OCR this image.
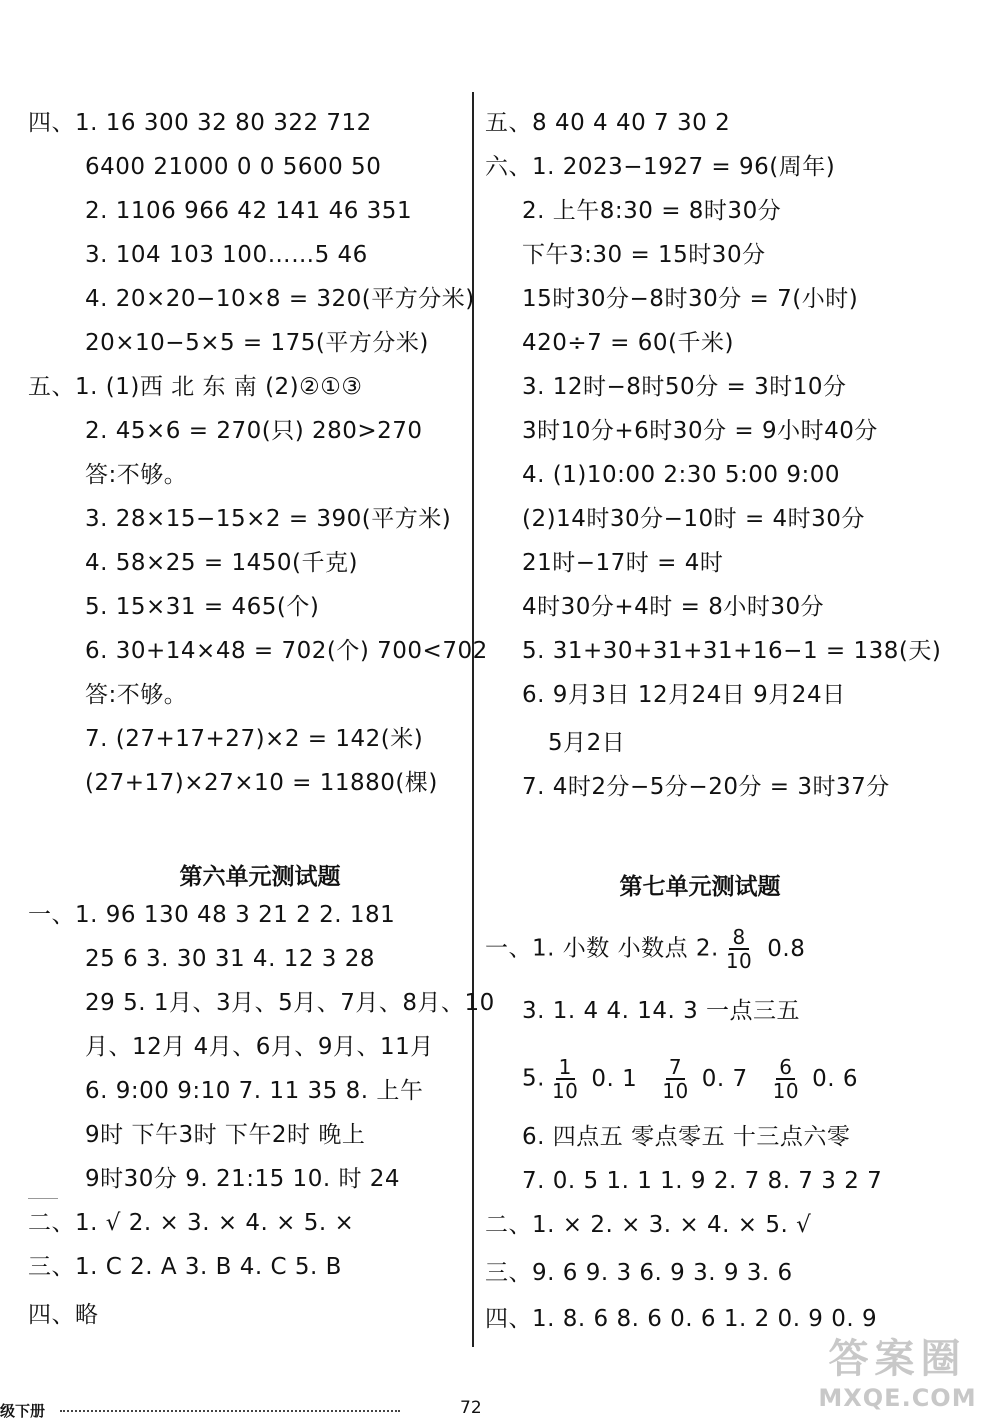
四、1. 16 300 32 80 322 712
6400 21000 0 0 5600 50
2. 1106 966 42 141 46 351
3. 104 103 100……5 46
4. 20×20−10×8 = 320(平方分米)
20×10−5×5 = 175(平方分米)
五、1. (1)西 北 东 南 (2)②①③
2. 45×6 = 270(只) 280>270
答:不够。
3. 28×15−15×2 = 390(平方米)
4. 58×25 = 1450(千克)
5. 15×31 = 465(个)
6. 30+14×48 = 702(个) 700<702
答:不够。
7. (27+17+27)×2 = 142(米)
(27+17)×27×10 = 11880(棵)
第六单元测试题
一、1. 96 130 48 3 21 2 2. 181
25 6 3. 30 31 4. 12 3 28
29 5. 1月、3月、5月、7月、8月、10
月、12月 4月、6月、9月、11月
6. 9:00 9:10 7. 11 35 8. 上午
9时 下午3时 下午2时 晚上
9时30分 9. 21:15 10. 时 24
二、1. √ 2. × 3. × 4. × 5. ×
三、1. C 2. A 3. B 4. C 5. B
四、略
五、8 40 4 40 7 30 2
六、1. 2023−1927 = 96(周年)
2. 上午8:30 = 8时30分
下午3:30 = 15时30分
15时30分−8时30分 = 7(小时)
420÷7 = 60(千米)
3. 12时−8时50分 = 3时10分
3时10分+6时30分 = 9小时40分
4. (1)10:00 2:30 5:00 9:00
(2)14时30分−10时 = 4时30分
21时−17时 = 4时
4时30分+4时 = 8小时30分
5. 31+30+31+31+16−1 = 138(天)
6. 9月3日 12月24日 9月24日
5月2日
7. 4时2分−5分−20分 = 3时37分
第七单元测试题
一、1. 小数 小数点 2. $\frac{8}{10} 0.8$
3. 1. 4 4. 14. 3 一点三五
5. $\frac{1}{10} 0$. $1 \frac{7}{10} 0$. $7 \frac{6}{10} 0$. 6
6. 四点五 零点零五 十三点六零
7. 0. 5 1. 1 1. 9 2. 7 8. 7 3 2 7
二、1. × 2. × 3. × 4. × 5. √
三、9. 6 9. 3 6. 9 3. 9 3. 6
四、1. 8. 6 8. 6 0. 6 1. 2 0. 9 0. 9
级下册	72
答案圈
MXQE.COM
